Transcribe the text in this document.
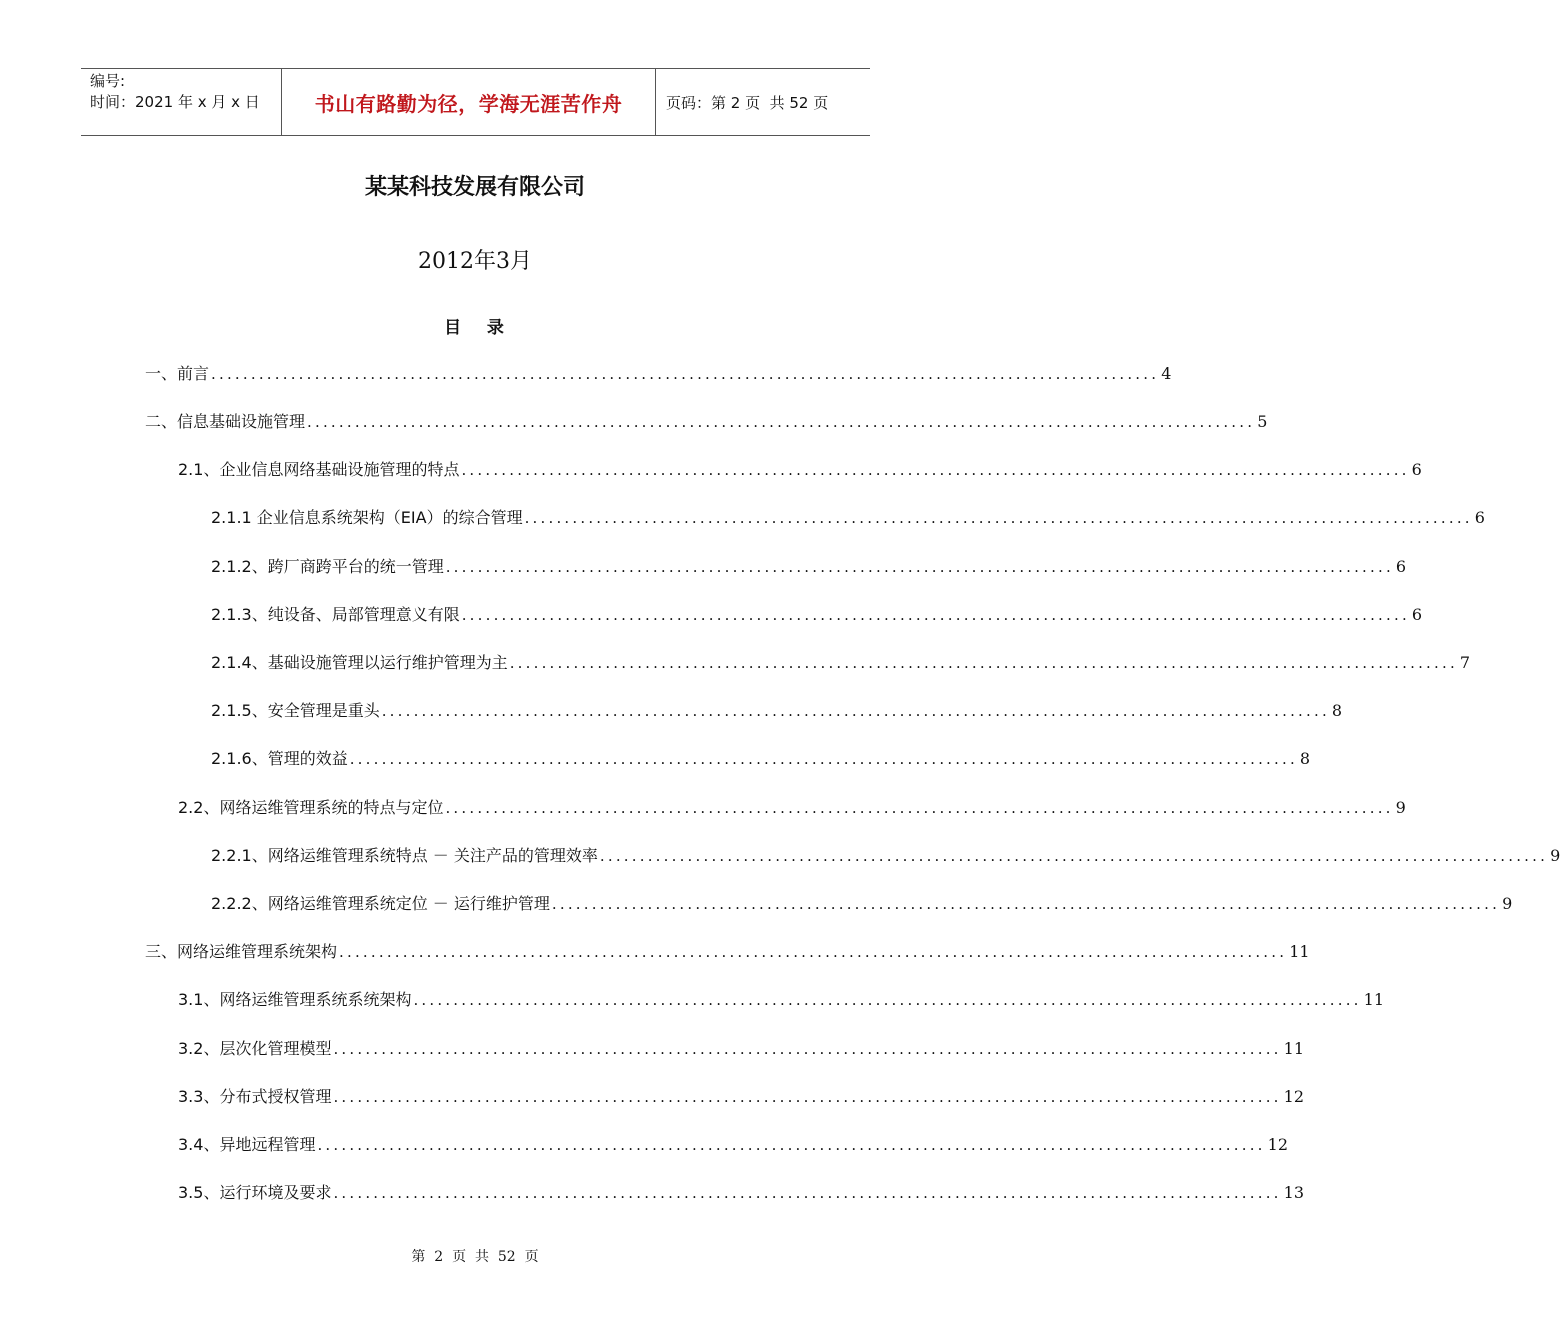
编号:
时间：2021 年 x 月 x 日	书山有路勤为径，学海无涯苦作舟	页码：第 2 页  共 52 页
某某科技发展有限公司
2012年3月
目   录
一、前言 ....................................................................................................................... 4
二、信息基础设施管理 ....................................................................................................................... 5
2.1、企业信息网络基础设施管理的特点 ....................................................................................................................... 6
2.1.1 企业信息系统架构（EIA）的综合管理 ....................................................................................................................... 6
2.1.2、跨厂商跨平台的统一管理 ....................................................................................................................... 6
2.1.3、纯设备、局部管理意义有限 ....................................................................................................................... 6
2.1.4、基础设施管理以运行维护管理为主 ....................................................................................................................... 7
2.1.5、安全管理是重头 ....................................................................................................................... 8
2.1.6、管理的效益 ....................................................................................................................... 8
2.2、网络运维管理系统的特点与定位 ....................................................................................................................... 9
2.2.1、网络运维管理系统特点 － 关注产品的管理效率 ....................................................................................................................... 9
2.2.2、网络运维管理系统定位 － 运行维护管理 ....................................................................................................................... 9
三、网络运维管理系统架构 ....................................................................................................................... 11
3.1、网络运维管理系统系统架构 ....................................................................................................................... 11
3.2、层次化管理模型 ....................................................................................................................... 11
3.3、分布式授权管理 ....................................................................................................................... 12
3.4、异地远程管理 ....................................................................................................................... 12
3.5、运行环境及要求 ....................................................................................................................... 13
第  2  页  共  52  页
